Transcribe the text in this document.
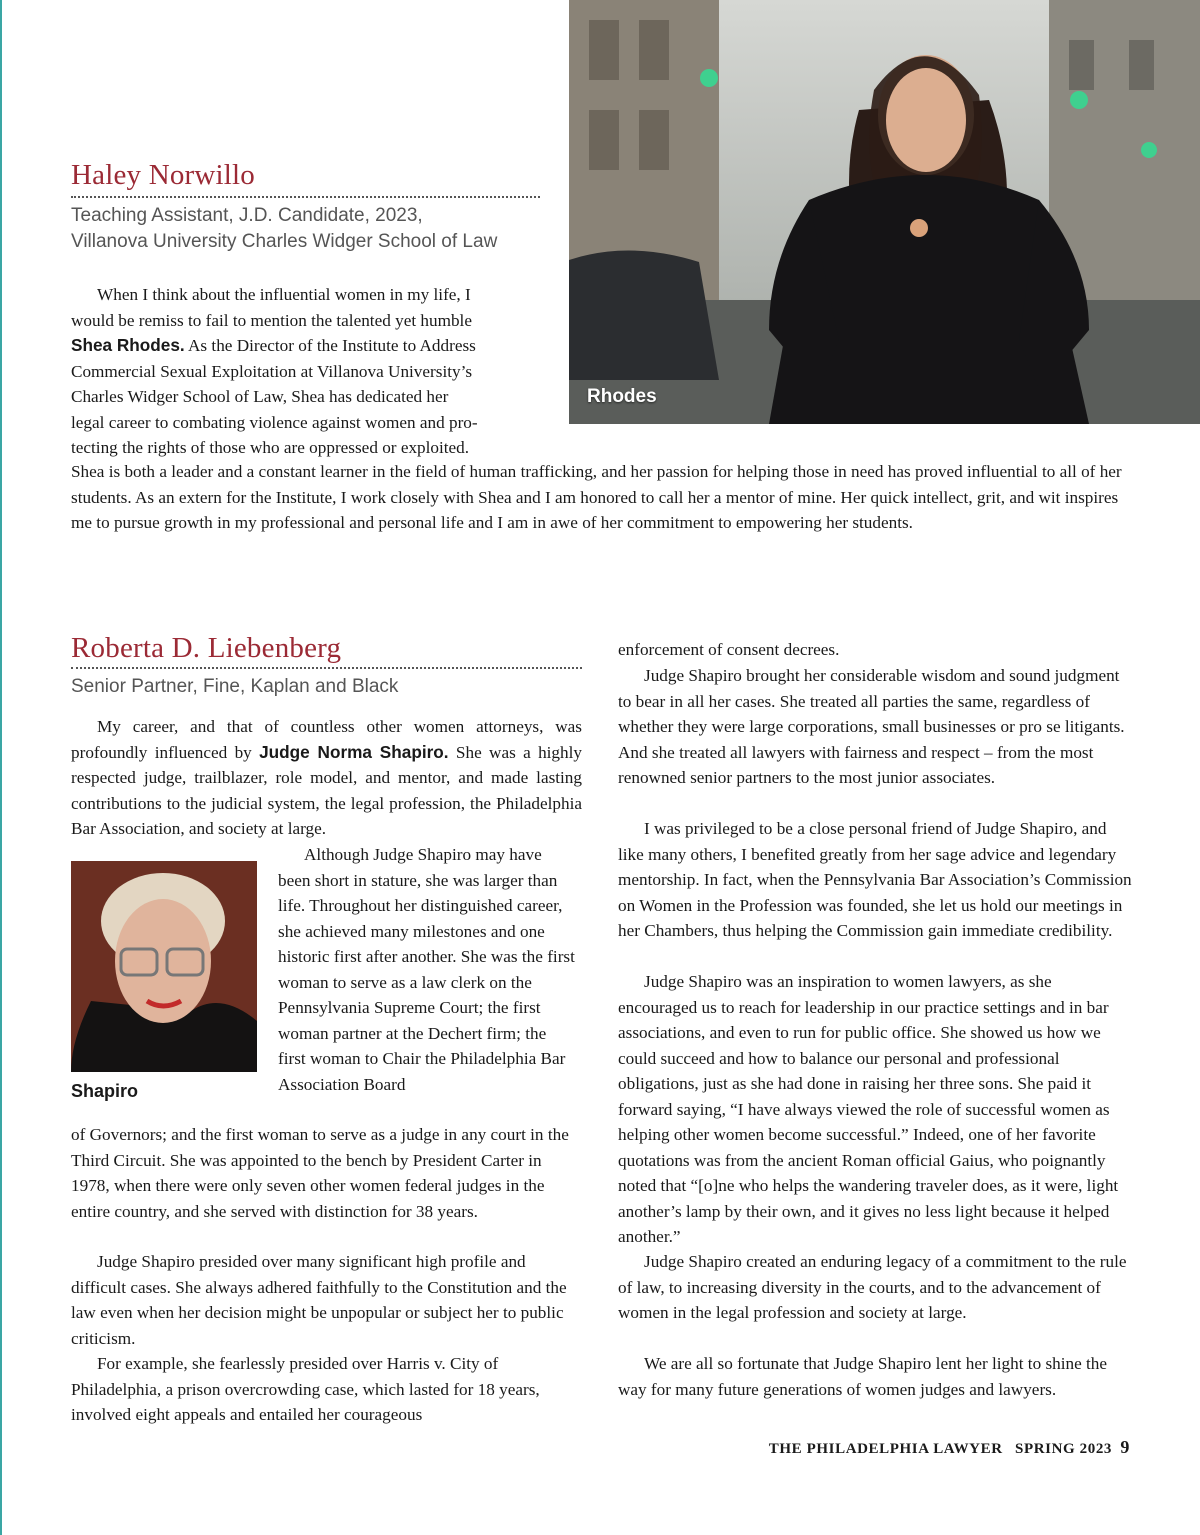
Rhodes
Haley Norwillo
Teaching Assistant, J.D. Candidate, 2023,
Villanova University Charles Widger School of Law
When I think about the influential women in my life, I
would be remiss to fail to mention the talented yet humble
Shea Rhodes. As the Director of the Institute to Address
Commercial Sexual Exploitation at Villanova University’s
Charles Widger School of Law, Shea has dedicated her
legal career to combating violence against women and pro-
tecting the rights of those who are oppressed or exploited.

Shea is both a leader and a constant learner in the field of human trafficking, and her passion for helping those in need has proved influential to all of her students. As an extern for the Institute, I work closely with Shea and I am honored to call her a mentor of mine. Her quick intellect, grit, and wit inspires me to pursue growth in my professional and personal life and I am in awe of her commitment to empowering her students.

Roberta D. Liebenberg
Senior Partner, Fine, Kaplan and Black

My career, and that of countless other women attorneys, was profoundly influenced by Judge Norma Shapiro. She was a highly respected judge, trailblazer, role model, and mentor, and made lasting contributions to the judicial system, the legal profession, the Philadelphia Bar Association, and society at large.

Shapiro

Although Judge Shapiro may have been short in stature, she was larger than life. Throughout her distinguished career, she achieved many milestones and one historic first after another. She was the first woman to serve as a law clerk on the Pennsylvania Supreme Court; the first woman partner at the Dechert firm; the first woman to Chair the Philadelphia Bar Association Board

of Governors; and the first woman to serve as a judge in any court in the Third Circuit. She was appointed to the bench by President Carter in 1978, when there were only seven other women federal judges in the entire country, and she served with distinction for 38 years.

Judge Shapiro presided over many significant high profile and difficult cases. She always adhered faithfully to the Constitution and the law even when her decision might be unpopular or subject her to public criticism.

For example, she fearlessly presided over Harris v. City of Philadelphia, a prison overcrowding case, which lasted for 18 years, involved eight appeals and entailed her courageous

enforcement of consent decrees.

Judge Shapiro brought her considerable wisdom and sound judgment to bear in all her cases. She treated all parties the same, regardless of whether they were large corporations, small businesses or pro se litigants. And she treated all lawyers with fairness and respect – from the most renowned senior partners to the most junior associates.

I was privileged to be a close personal friend of Judge Shapiro, and like many others, I benefited greatly from her sage advice and legendary mentorship. In fact, when the Pennsylvania Bar Association’s Commission on Women in the Profession was founded, she let us hold our meetings in her Chambers, thus helping the Commission gain immediate credibility.

Judge Shapiro was an inspiration to women lawyers, as she encouraged us to reach for leadership in our practice settings and in bar associations, and even to run for public office. She showed us how we could succeed and how to balance our personal and professional obligations, just as she had done in raising her three sons. She paid it forward saying, “I have always viewed the role of successful women as helping other women become successful.” Indeed, one of her favorite quotations was from the ancient Roman official Gaius, who poignantly noted that “[o]ne who helps the wandering traveler does, as it were, light another’s lamp by their own, and it gives no less light because it helped another.”

Judge Shapiro created an enduring legacy of a commitment to the rule of law, to increasing diversity in the courts, and to the advancement of women in the legal profession and society at large.

We are all so fortunate that Judge Shapiro lent her light to shine the way for many future generations of women judges and lawyers.

THE PHILADELPHIA LAWYER SPRING 2023 9
